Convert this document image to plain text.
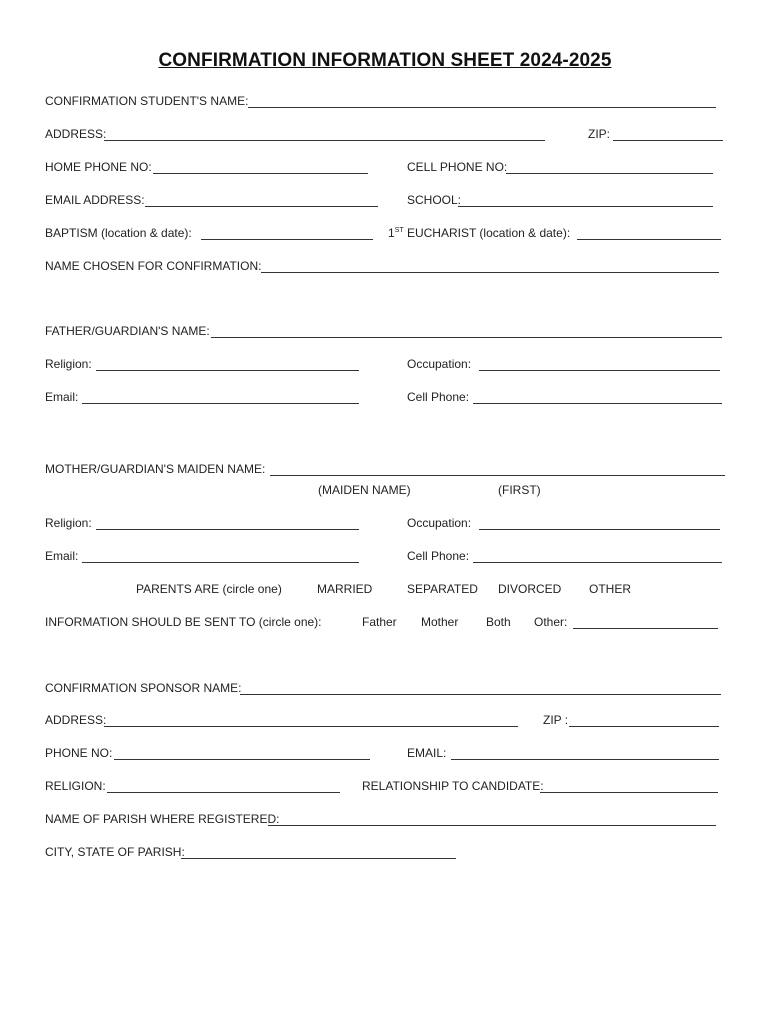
CONFIRMATION INFORMATION SHEET 2024-2025
CONFIRMATION STUDENT'S NAME:
ADDRESS:	ZIP:
HOME PHONE NO:	CELL PHONE NO:
EMAIL ADDRESS:	SCHOOL:
BAPTISM (location & date):	1ST EUCHARIST (location & date):
NAME CHOSEN FOR CONFIRMATION:
FATHER/GUARDIAN'S NAME:
Religion:	Occupation:
Email:	Cell Phone:
MOTHER/GUARDIAN'S MAIDEN NAME:
(MAIDEN NAME)	(FIRST)
Religion:	Occupation:
Email:	Cell Phone:
PARENTS ARE (circle one)	MARRIED	SEPARATED DIVORCED OTHER
INFORMATION SHOULD BE SENT TO (circle one):	Father Mother Both Other:
CONFIRMATION SPONSOR NAME:
ADDRESS:	ZIP :
PHONE NO:	EMAIL:
RELIGION:	RELATIONSHIP TO CANDIDATE:
NAME OF PARISH WHERE REGISTERED:
CITY, STATE OF PARISH:
